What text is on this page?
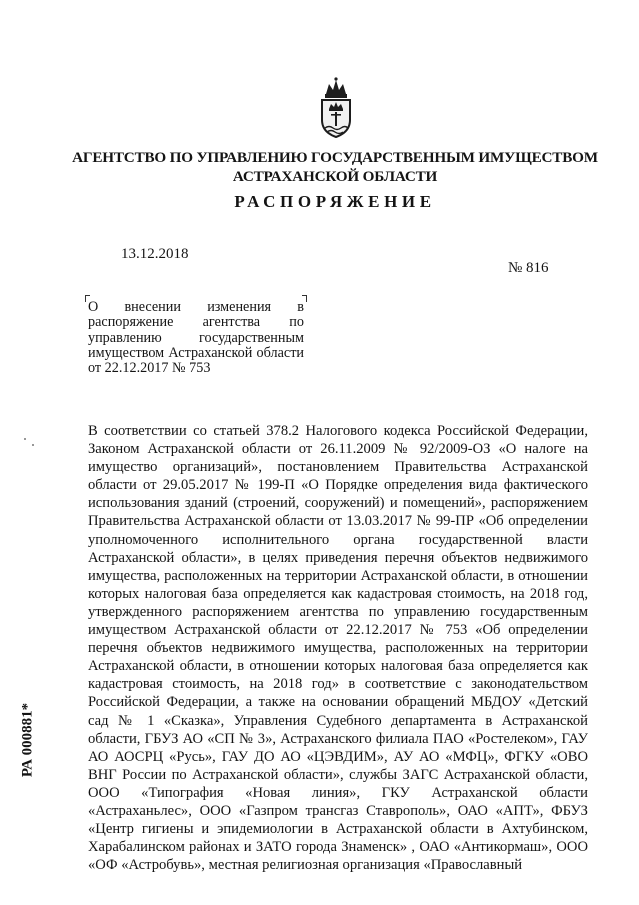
АГЕНТСТВО ПО УПРАВЛЕНИЮ ГОСУДАРСТВЕННЫМ ИМУЩЕСТВОМ
АСТРАХАНСКОЙ ОБЛАСТИ
РАСПОРЯЖЕНИЕ
13.12.2018
№ 816
О внесении изменения в распоряжение агентства по управлению государственным имуществом Астраханской области от 22.12.2017 № 753
В соответствии со статьей 378.2 Налогового кодекса Российской Федерации, Законом Астраханской области от 26.11.2009 № 92/2009-ОЗ «О налоге на имущество организаций», постановлением Правительства Астраханской области от 29.05.2017 № 199-П «О Порядке определения вида фактического использования зданий (строений, сооружений) и помещений», распоряжением Правительства Астраханской области от 13.03.2017 № 99-ПР «Об определении уполномоченного исполнительного органа государственной власти Астраханской области», в целях приведения перечня объектов недвижимого имущества, расположенных на территории Астраханской области, в отношении которых налоговая база определяется как кадастровая стоимость, на 2018 год, утвержденного распоряжением агентства по управлению государственным имуществом Астраханской области от 22.12.2017 № 753 «Об определении перечня объектов недвижимого имущества, расположенных на территории Астраханской области, в отношении которых налоговая база определяется как кадастровая стоимость, на 2018 год» в соответствие с законодательством Российской Федерации, а также на основании обращений МБДОУ «Детский сад № 1 «Сказка», Управления Судебного департамента в Астраханской области, ГБУЗ АО «СП № 3», Астраханского филиала ПАО «Ростелеком», ГАУ АО АОСРЦ «Русь», ГАУ ДО АО «ЦЭВДИМ», АУ АО «МФЦ», ФГКУ «ОВО ВНГ России по Астраханской области», службы ЗАГС Астраханской области, ООО «Типография «Новая линия», ГКУ Астраханской области «Астраханьлес», ООО «Газпром трансгаз Ставрополь», ОАО «АПТ», ФБУЗ «Центр гигиены и эпидемиологии в Астраханской области в Ахтубинском, Харабалинском районах и ЗАТО города Знаменск» , ОАО «Антикормаш», ООО «ОФ «Астробувь», местная религиозная организация «Православный
РА 000881*
